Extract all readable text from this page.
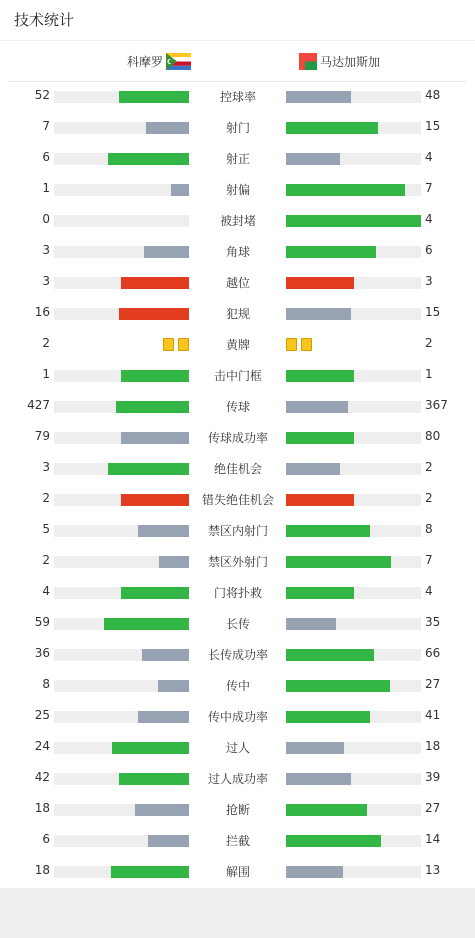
技术统计
科摩罗	马达加斯加
52	控球率	48
7	射门	15
6	射正	4
1	射偏	7
0	被封堵	4
3	角球	6
3	越位	3
16	犯规	15
2	黄牌	2
1	击中门框	1
427	传球	367
79	传球成功率	80
3	绝佳机会	2
2	错失绝佳机会	2
5	禁区内射门	8
2	禁区外射门	7
4	门将扑救	4
59	长传	35
36	长传成功率	66
8	传中	27
25	传中成功率	41
24	过人	18
42	过人成功率	39
18	抢断	27
6	拦截	14
18	解围	13
